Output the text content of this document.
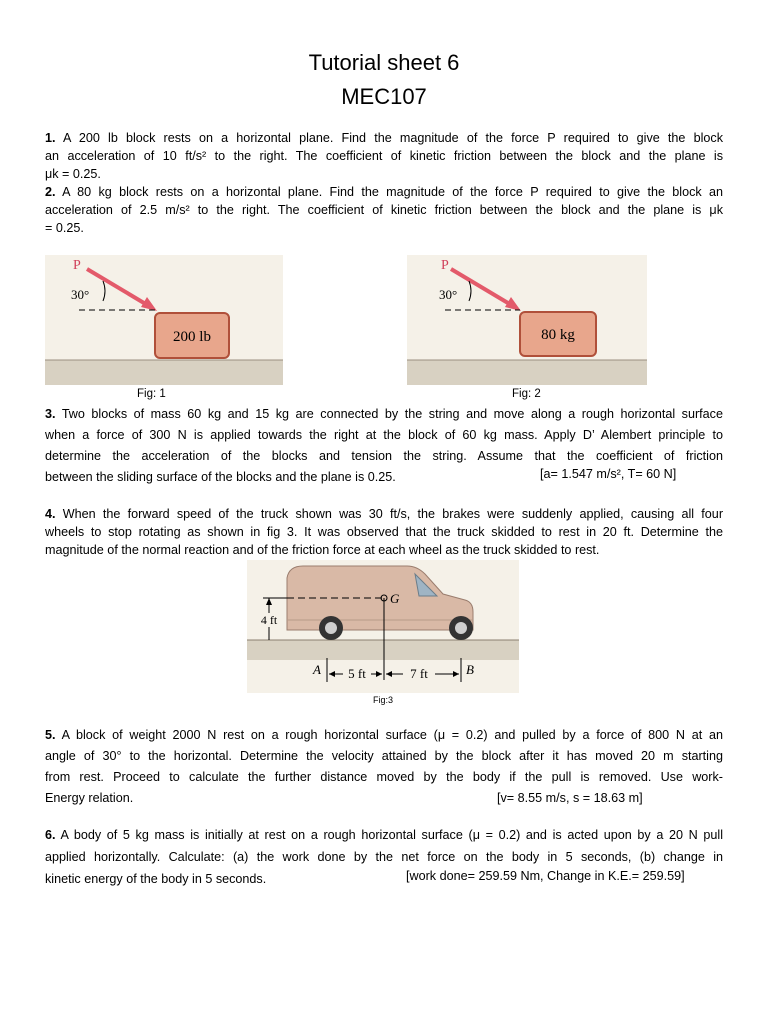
Tutorial sheet 6
MEC107
1. A 200 lb block rests on a horizontal plane. Find the magnitude of the force P required to give the block
an acceleration of 10 ft/s² to the right. The coefficient of kinetic friction between the block and the plane is
μk = 0.25.
2. A 80 kg block rests on a horizontal plane. Find the magnitude of the force P required to give the block an
acceleration of 2.5 m/s² to the right. The coefficient of kinetic friction between the block and the plane is μk
= 0.25.
200 lb
P
30°
Fig: 1
80 kg
P
30°
Fig: 2
3. Two blocks of mass 60 kg and 15 kg are connected by the string and move along a rough horizontal surface
when a force of 300 N is applied towards the right at the block of 60 kg mass. Apply D’ Alembert principle to
determine the acceleration of the blocks and tension the string. Assume that the coefficient of friction
between the sliding surface of the blocks and the plane is 0.25.	[a= 1.547 m/s², T= 60 N]
4. When the forward speed of the truck shown was 30 ft/s, the brakes were suddenly applied, causing all four
wheels to stop rotating as shown in fig 3. It was observed that the truck skidded to rest in 20 ft. Determine the
magnitude of the normal reaction and of the friction force at each wheel as the truck skidded to rest.
G
4 ft
A	B
5 ft	7 ft
Fig:3
5. A block of weight 2000 N rest on a rough horizontal surface (μ = 0.2) and pulled by a force of 800 N at an
angle of 30° to the horizontal. Determine the velocity attained by the block after it has moved 20 m starting
from rest. Proceed to calculate the further distance moved by the body if the pull is removed. Use work-
Energy relation.	[v= 8.55 m/s, s = 18.63 m]
6. A body of 5 kg mass is initially at rest on a rough horizontal surface (μ = 0.2) and is acted upon by a 20 N pull
applied horizontally. Calculate: (a) the work done by the net force on the body in 5 seconds, (b) change in
kinetic energy of the body in 5 seconds.	[work done= 259.59 Nm, Change in K.E.= 259.59]
